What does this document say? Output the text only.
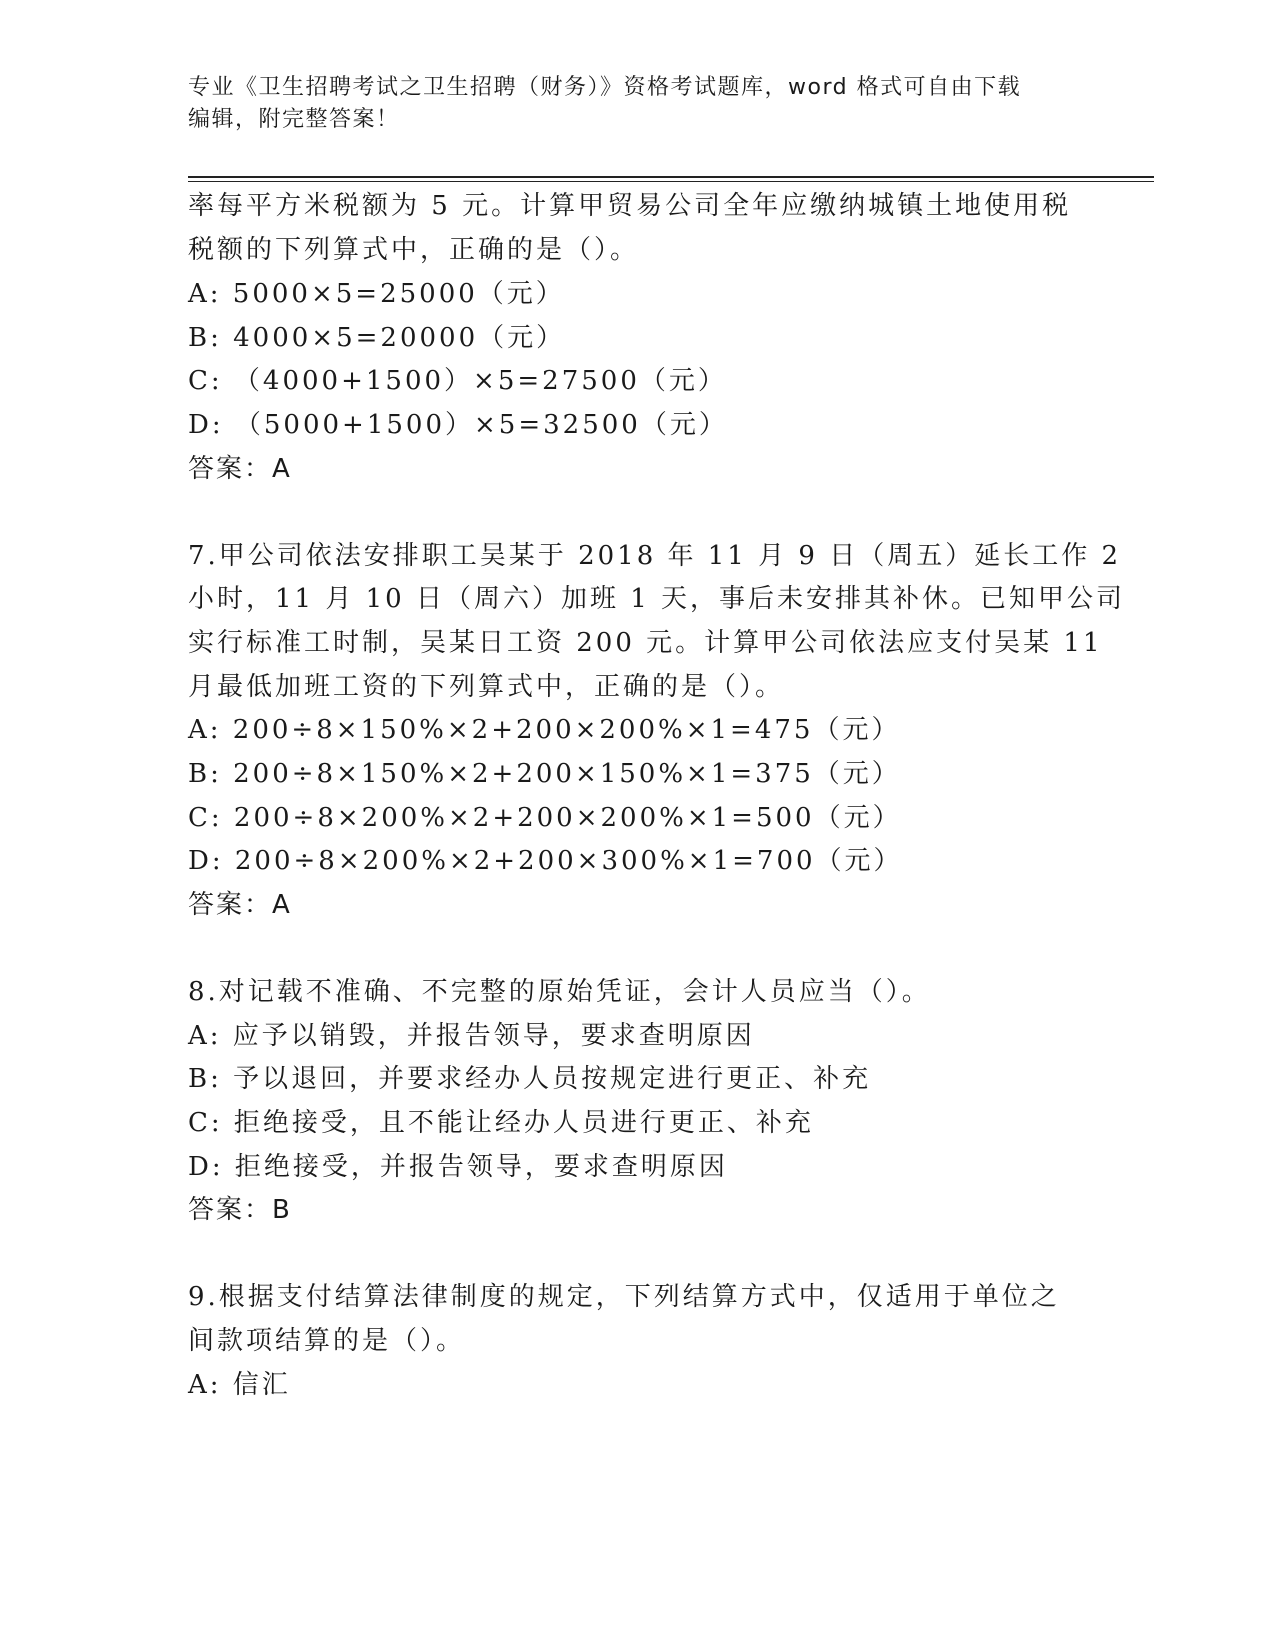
专业《卫生招聘考试之卫生招聘（财务）》资格考试题库，word 格式可自由下载
编辑，附完整答案！
率每平方米税额为 5 元。计算甲贸易公司全年应缴纳城镇土地使用税
税额的下列算式中，正确的是（）。
A: 5000×5=25000（元）
B: 4000×5=20000（元）
C: （4000+1500）×5=27500（元）
D: （5000+1500）×5=32500（元）
答案：A
7.甲公司依法安排职工吴某于 2018 年 11 月 9 日（周五）延长工作 2
小时，11 月 10 日（周六）加班 1 天，事后未安排其补休。已知甲公司
实行标准工时制，吴某日工资 200 元。计算甲公司依法应支付吴某 11
月最低加班工资的下列算式中，正确的是（）。
A: 200÷8×150%×2+200×200%×1=475（元）
B: 200÷8×150%×2+200×150%×1=375（元）
C: 200÷8×200%×2+200×200%×1=500（元）
D: 200÷8×200%×2+200×300%×1=700（元）
答案：A
8.对记载不准确、不完整的原始凭证，会计人员应当（）。
A: 应予以销毁，并报告领导，要求查明原因
B: 予以退回，并要求经办人员按规定进行更正、补充
C: 拒绝接受，且不能让经办人员进行更正、补充
D: 拒绝接受，并报告领导，要求查明原因
答案：B
9.根据支付结算法律制度的规定，下列结算方式中，仅适用于单位之
间款项结算的是（）。
A: 信汇
